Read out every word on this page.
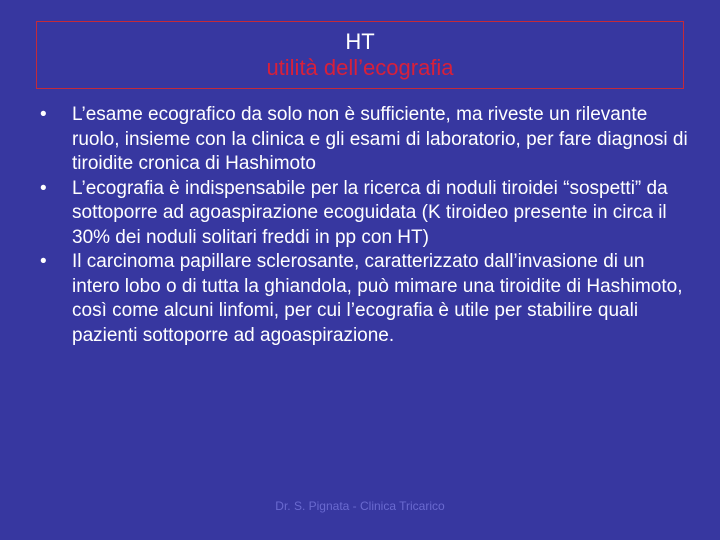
HT
utilità dell’ecografia
• L’esame ecografico da solo non è sufficiente, ma riveste un rilevante ruolo, insieme con la clinica e gli esami di laboratorio, per fare diagnosi di tiroidite cronica di Hashimoto
• L’ecografia è indispensabile per la ricerca di noduli tiroidei “sospetti” da sottoporre ad agoaspirazione ecoguidata (K tiroideo presente in circa il 30% dei noduli solitari freddi in pp con HT)
• Il carcinoma papillare sclerosante, caratterizzato dall’invasione di un intero lobo o di tutta la ghiandola, può mimare una tiroidite di Hashimoto, così come alcuni linfomi, per cui l’ecografia è utile per stabilire quali pazienti sottoporre ad agoaspirazione.
Dr. S. Pignata - Clinica Tricarico
